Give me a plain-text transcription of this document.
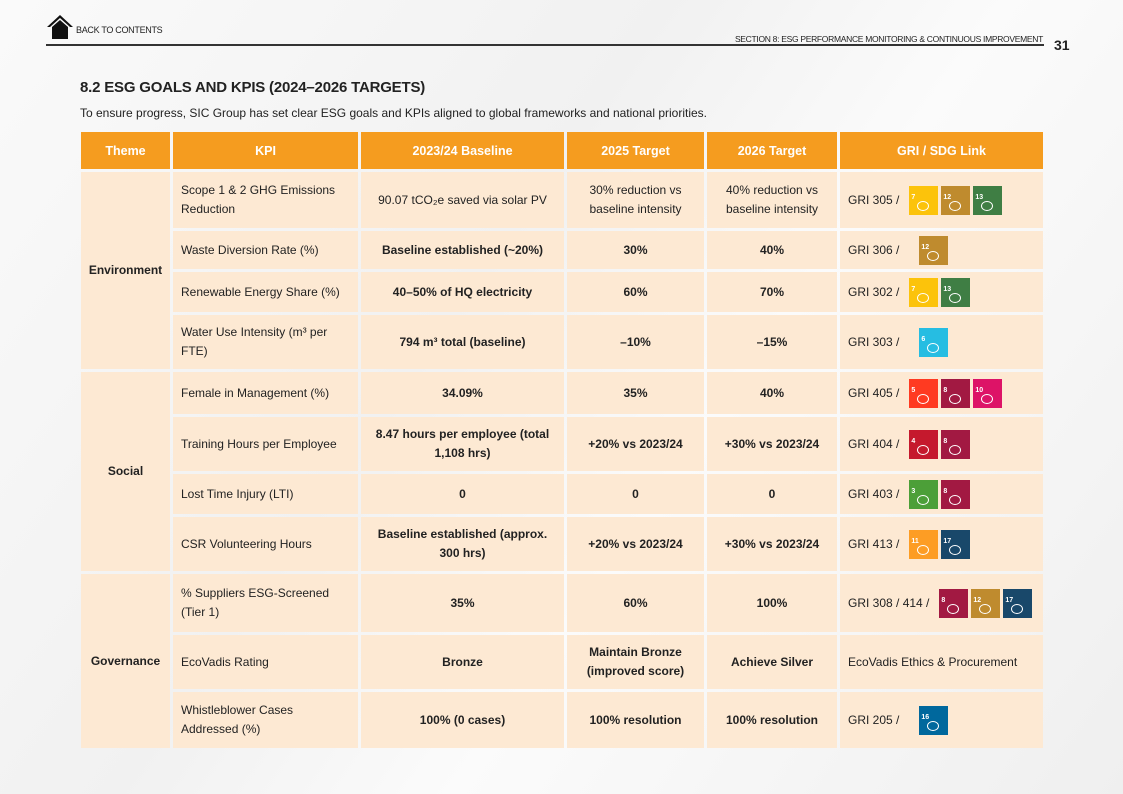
BACK TO CONTENTS
SECTION 8: ESG PERFORMANCE MONITORING & CONTINUOUS IMPROVEMENT 31
8.2 ESG GOALS AND KPIS (2024–2026 TARGETS)

To ensure progress, SIC Group has set clear ESG goals and KPIs aligned to global frameworks and national priorities.

Theme	KPI	2023/24 Baseline	2025 Target	2026 Target	GRI / SDG Link
Environment	Scope 1 & 2 GHG Emissions Reduction	90.07 tCO₂e saved via solar PV	30% reduction vs baseline intensity	40% reduction vs baseline intensity	GRI 305 / 7 12 13

	Waste Diversion Rate (%)	Baseline established (~20%)	30%	40%	GRI 306 / 12

	Renewable Energy Share (%)	40–50% of HQ electricity	60%	70%	GRI 302 / 7 13

	Water Use Intensity (m³ per FTE)	794 m³ total (baseline)	–10%	–15%	GRI 303 / 6

Social	Female in Management (%)	34.09%	35%	40%	GRI 405 / 5 8 10

	Training Hours per Employee	8.47 hours per employee (total 1,108 hrs)	+20% vs 2023/24	+30% vs 2023/24	GRI 404 / 4 8

	Lost Time Injury (LTI)	0	0	0	GRI 403 / 3 8

	CSR Volunteering Hours	Baseline established (approx. 300 hrs)	+20% vs 2023/24	+30% vs 2023/24	GRI 413 / 11 17

Governance	% Suppliers ESG-Screened (Tier 1)	35%	60%	100%	GRI 308 / 414 / 8 12 17

	EcoVadis Rating	Bronze	Maintain Bronze (improved score)	Achieve Silver	EcoVadis Ethics & Procurement

	Whistleblower Cases Addressed (%)	100% (0 cases)	100% resolution	100% resolution	GRI 205 / 16
